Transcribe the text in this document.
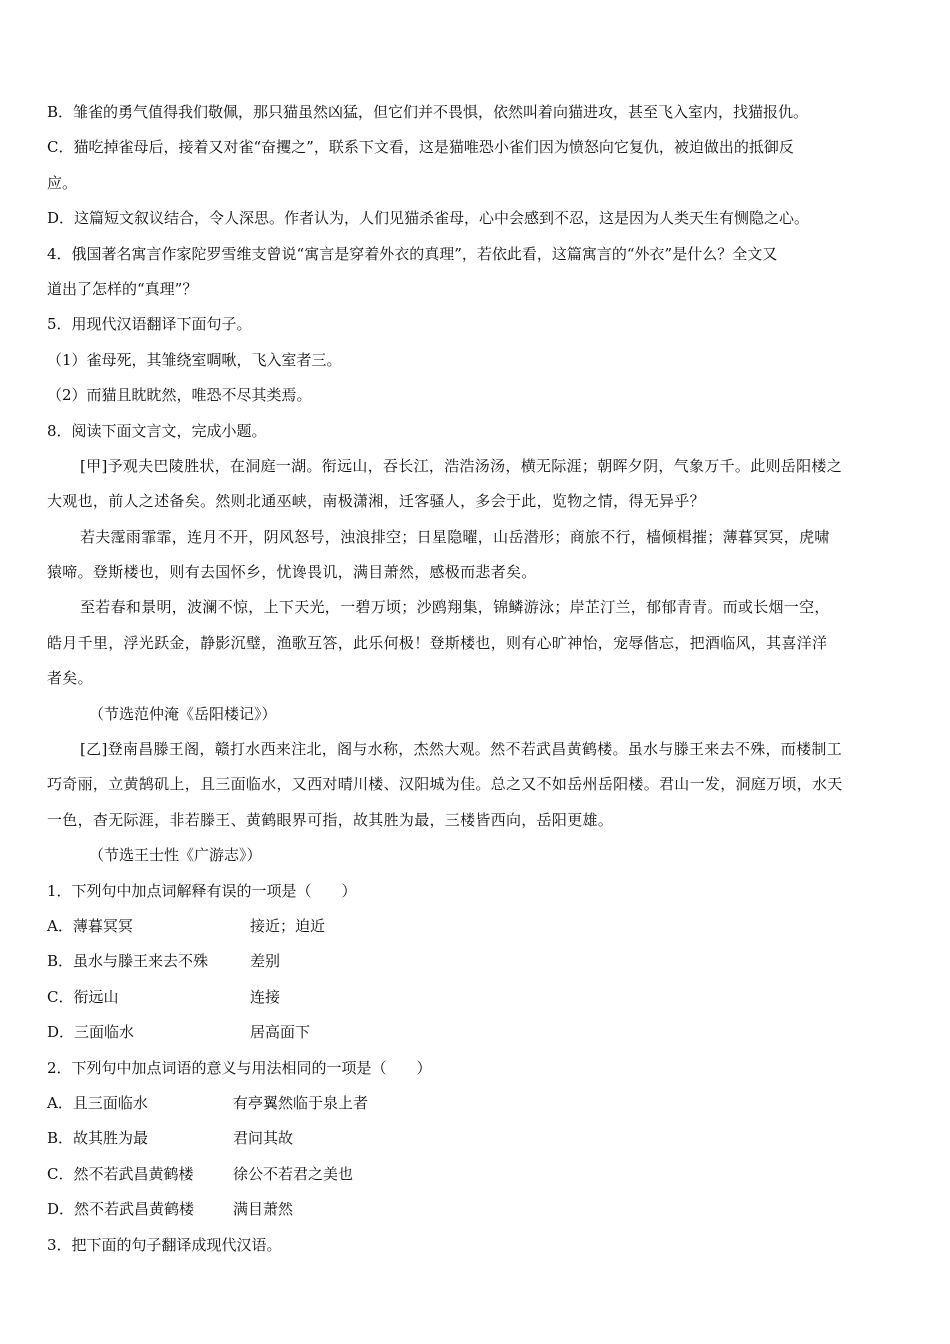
B．雏雀的勇气值得我们敬佩，那只猫虽然凶猛，但它们并不畏惧，依然叫着向猫进攻，甚至飞入室内，找猫报仇。
C．猫吃掉雀母后，接着又对雀“奋攫之”，联系下文看，这是猫唯恐小雀们因为愤怒向它复仇，被迫做出的抵御反
应。
D．这篇短文叙议结合，令人深思。作者认为，人们见猫杀雀母，心中会感到不忍，这是因为人类天生有恻隐之心。
4．俄国著名寓言作家陀罗雪维支曾说“寓言是穿着外衣的真理”，若依此看，这篇寓言的“外衣”是什么？全文又
道出了怎样的“真理”？
5．用现代汉语翻译下面句子。
（1）雀母死，其雏绕室啁啾，飞入室者三。
（2）而猫且眈眈然，唯恐不尽其类焉。
8．阅读下面文言文，完成小题。
[甲]予观夫巴陵胜状，在洞庭一湖。衔远山，吞长江，浩浩汤汤，横无际涯；朝晖夕阴，气象万千。此则岳阳楼之
大观也，前人之述备矣。然则北通巫峡，南极潇湘，迁客骚人，多会于此，览物之情，得无异乎？
若夫霪雨霏霏，连月不开，阴风怒号，浊浪排空；日星隐曜，山岳潜形；商旅不行，樯倾楫摧；薄暮冥冥，虎啸
猿啼。登斯楼也，则有去国怀乡，忧谗畏讥，满目萧然，感极而悲者矣。
至若春和景明，波澜不惊，上下天光，一碧万顷；沙鸥翔集，锦鳞游泳；岸芷汀兰，郁郁青青。而或长烟一空，
皓月千里，浮光跃金，静影沉璧，渔歌互答，此乐何极！登斯楼也，则有心旷神怡，宠辱偕忘，把酒临风，其喜洋洋
者矣。
（节选范仲淹《岳阳楼记》）
[乙]登南昌滕王阁，赣打水西来注北，阁与水称，杰然大观。然不若武昌黄鹤楼。虽水与滕王来去不殊，而楼制工
巧奇丽，立黄鹄矶上，且三面临水，又西对晴川楼、汉阳城为佳。总之又不如岳州岳阳楼。君山一发，洞庭万顷，水天
一色，杳无际涯，非若滕王、黄鹤眼界可指，故其胜为最，三楼皆西向，岳阳更雄。
（节选王士性《广游志》）
1．下列句中加点词解释有误的一项是（　　）
A．薄暮冥冥	接近；迫近
B．虽水与滕王来去不殊	差别
C．衔远山	连接
D．三面临水	居高面下
2．下列句中加点词语的意义与用法相同的一项是（　　）
A．且三面临水	有亭翼然临于泉上者
B．故其胜为最	君问其故
C．然不若武昌黄鹤楼	徐公不若君之美也
D．然不若武昌黄鹤楼	满目萧然
3．把下面的句子翻译成现代汉语。
